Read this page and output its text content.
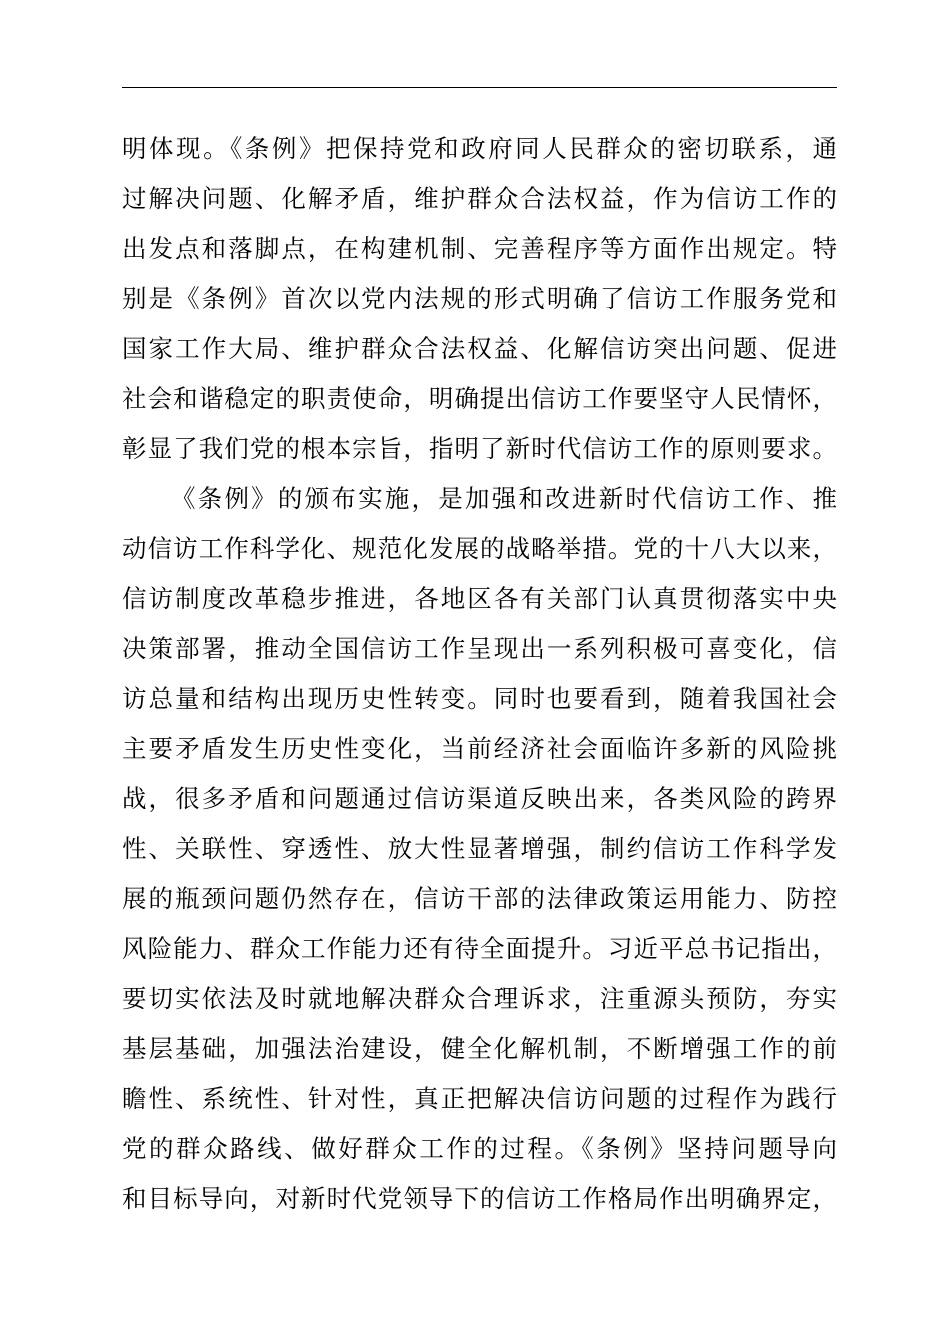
明体现。《条例》把保持党和政府同人民群众的密切联系，通
过解决问题、化解矛盾，维护群众合法权益，作为信访工作的
出发点和落脚点，在构建机制、完善程序等方面作出规定。特
别是《条例》首次以党内法规的形式明确了信访工作服务党和
国家工作大局、维护群众合法权益、化解信访突出问题、促进
社会和谐稳定的职责使命，明确提出信访工作要坚守人民情怀，
彰显了我们党的根本宗旨，指明了新时代信访工作的原则要求。
《条例》的颁布实施，是加强和改进新时代信访工作、推
动信访工作科学化、规范化发展的战略举措。党的十八大以来，
信访制度改革稳步推进，各地区各有关部门认真贯彻落实中央
决策部署，推动全国信访工作呈现出一系列积极可喜变化，信
访总量和结构出现历史性转变。同时也要看到，随着我国社会
主要矛盾发生历史性变化，当前经济社会面临许多新的风险挑
战，很多矛盾和问题通过信访渠道反映出来，各类风险的跨界
性、关联性、穿透性、放大性显著增强，制约信访工作科学发
展的瓶颈问题仍然存在，信访干部的法律政策运用能力、防控
风险能力、群众工作能力还有待全面提升。习近平总书记指出，
要切实依法及时就地解决群众合理诉求，注重源头预防，夯实
基层基础，加强法治建设，健全化解机制，不断增强工作的前
瞻性、系统性、针对性，真正把解决信访问题的过程作为践行
党的群众路线、做好群众工作的过程。《条例》坚持问题导向
和目标导向，对新时代党领导下的信访工作格局作出明确界定，
